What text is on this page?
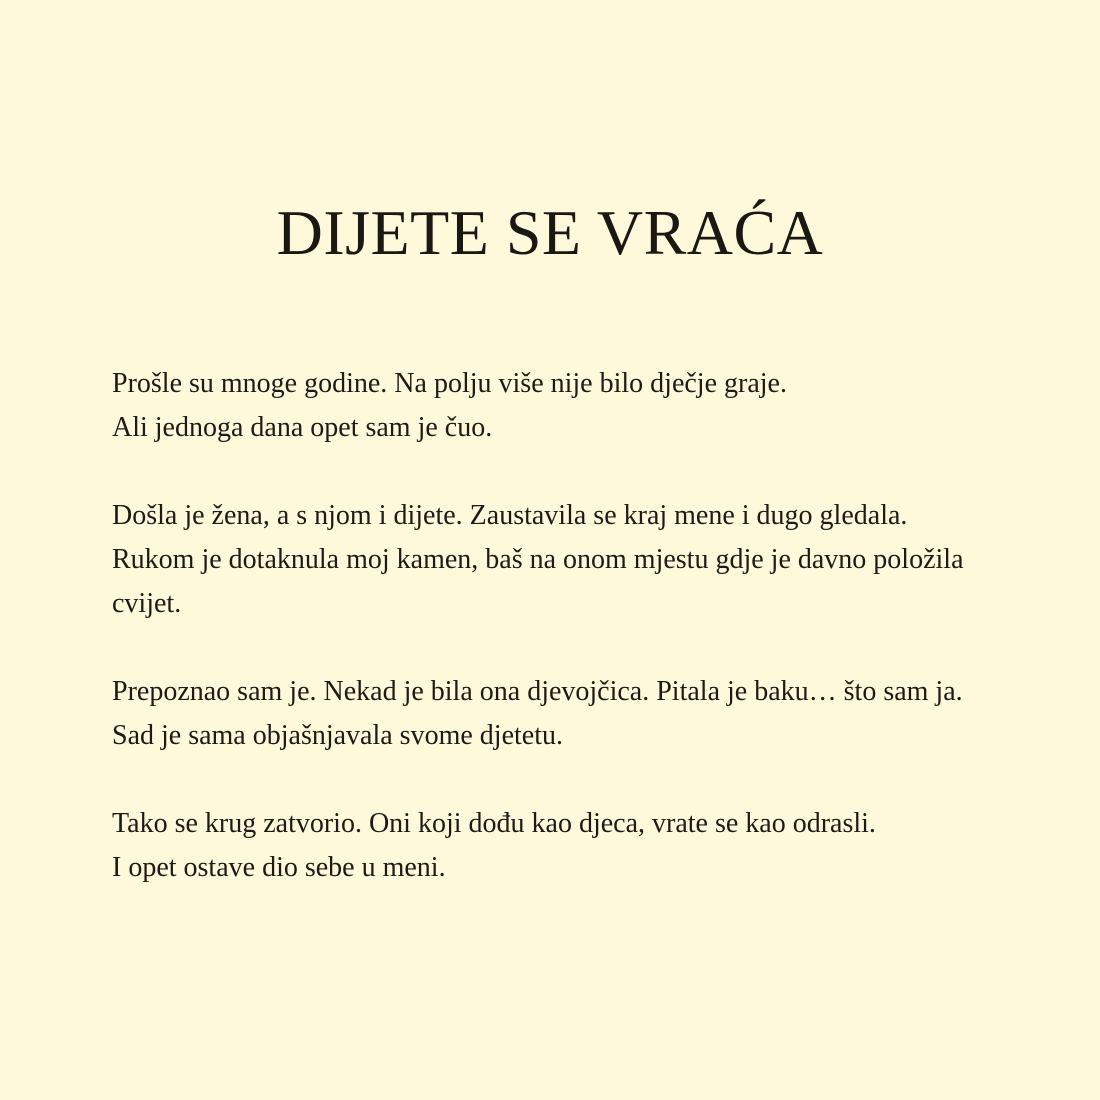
DIJETE SE VRAĆA

Prošle su mnoge godine. Na polju više nije bilo dječje graje.
Ali jednoga dana opet sam je čuo.

Došla je žena, a s njom i dijete. Zaustavila se kraj mene i dugo gledala.
Rukom je dotaknula moj kamen, baš na onom mjestu gdje je davno položila
cvijet.

Prepoznao sam je. Nekad je bila ona djevojčica. Pitala je baku… što sam ja.
Sad je sama objašnjavala svome djetetu.

Tako se krug zatvorio. Oni koji dođu kao djeca, vrate se kao odrasli.
I opet ostave dio sebe u meni.
